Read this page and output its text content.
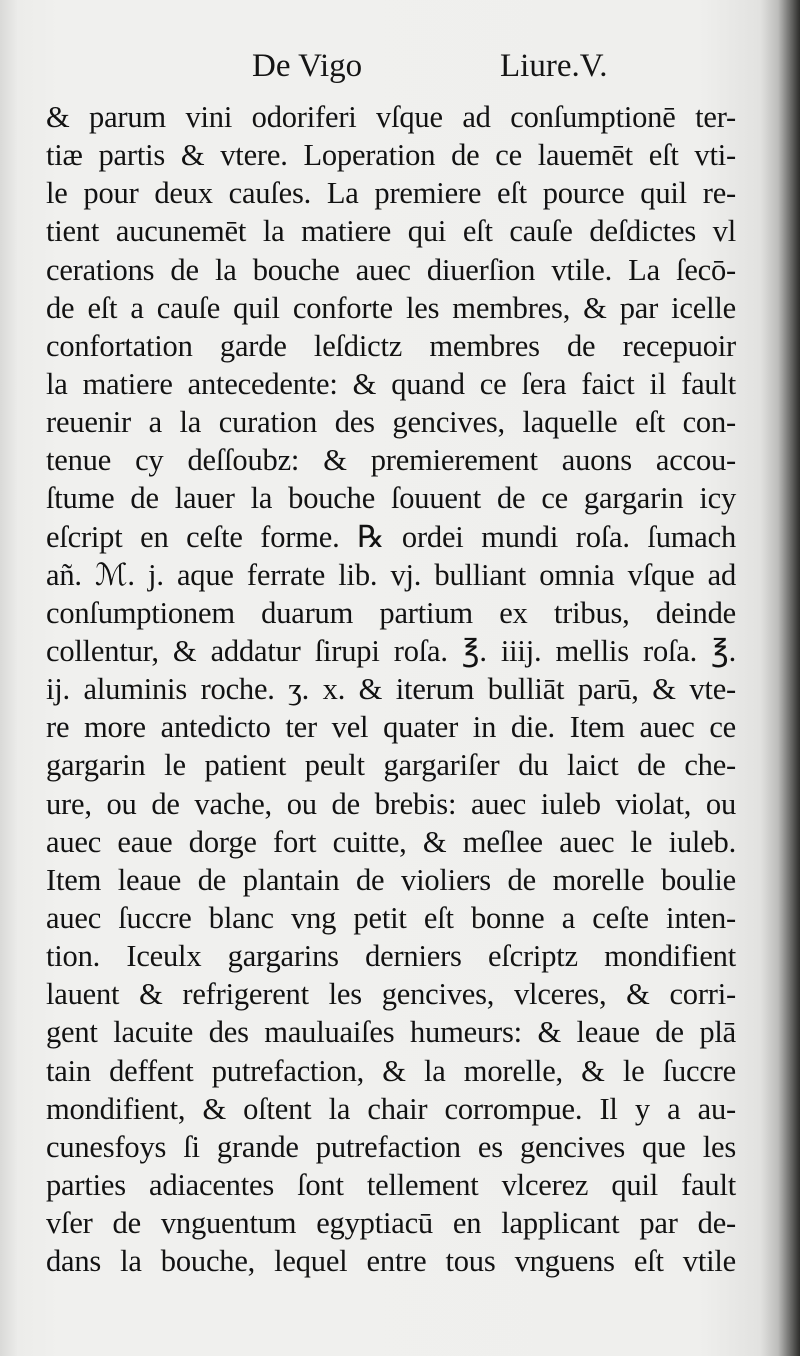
De Vigo	Liure.V.
& parum vini odoriferi vſque ad conſumptionē ter-
tiæ partis & vtere. Loperation de ce lauemēt eſt vti-
le pour deux cauſes. La premiere eſt pource quil re-
tient aucunemēt la matiere qui eſt cauſe deſdictes vl
cerations de la bouche auec diuerſion vtile. La ſecō-
de eſt a cauſe quil conforte les membres, & par icelle
confortation garde leſdictz membres de recepuoir
la matiere antecedente: & quand ce ſera faict il fault
reuenir a la curation des gencives, laquelle eſt con-
tenue cy deſſoubz: & premierement auons accou-
ſtume de lauer la bouche ſouuent de ce gargarin icy
eſcript en ceſte forme. ℞ ordei mundi roſa. ſumach
añ. ℳ. j. aque ferrate lib. vj. bulliant omnia vſque ad
conſumptionem duarum partium ex tribus, deinde
collentur, & addatur ſirupi roſa. ℥. iiij. mellis roſa. ℥.
ij. aluminis roche. ʒ. x. & iterum bulliāt parū, & vte-
re more antedicto ter vel quater in die. Item auec ce
gargarin le patient peult gargariſer du laict de che-
ure, ou de vache, ou de brebis: auec iuleb violat, ou
auec eaue dorge fort cuitte, & meſlee auec le iuleb.
Item leaue de plantain de violiers de morelle boulie
auec ſuccre blanc vng petit eſt bonne a ceſte inten-
tion. Iceulx gargarins derniers eſcriptz mondifient
lauent & refrigerent les gencives, vlceres, & corri-
gent lacuite des mauluaiſes humeurs: & leaue de plā
tain deffent putrefaction, & la morelle, & le ſuccre
mondifient, & oſtent la chair corrompue. Il y a au-
cunesfoys ſi grande putrefaction es gencives que les
parties adiacentes ſont tellement vlcerez quil fault
vſer de vnguentum egyptiacū en lapplicant par de-
dans la bouche, lequel entre tous vnguens eſt vtile
